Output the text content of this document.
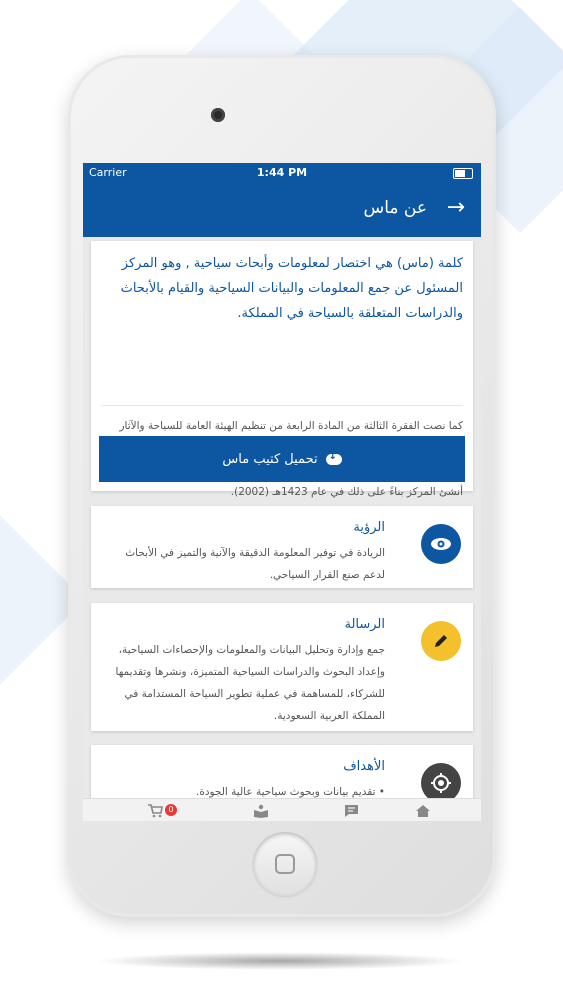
Carrier	1:44 PM
عن ماس →
كلمة (ماس) هي اختصار لمعلومات وأبحاث سياحية , وهو المركز المسئول عن جمع المعلومات والبيانات السياحية والقيام بالأبحاث والدراسات المتعلقة بالسياحة في المملكة.
كما نصت الفقرة الثالثة من المادة الرابعة من تنظيم الهيئة العامة للسياحة والآثار أنشئ المركز بناءً على ذلك في عام 1423هـ (2002).
↓
تحميل كتيب ماس
الرؤية
الريادة في توفير المعلومة الدقيقة والآنية والتميز في الأبحاث لدعم صنع القرار السياحي.
الرسالة
جمع وإدارة وتحليل البيانات والمعلومات والإحصاءات السياحية، وإعداد البحوث والدراسات السياحية المتميزة، ونشرها وتقديمها للشركاء، للمساهمة في عملية تطوير السياحة المستدامة في المملكة العربية السعودية.
الأهداف
• تقديم بيانات وبحوث سياحية عالية الجودة.
0
